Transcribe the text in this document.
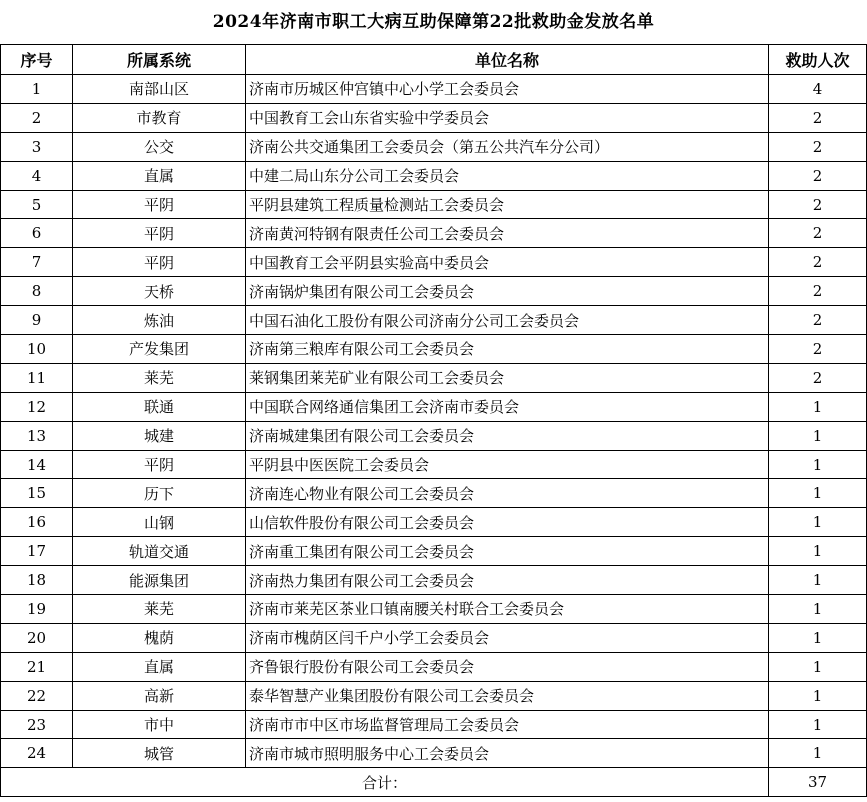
2024年济南市职工大病互助保障第22批救助金发放名单
序号	所属系统	单位名称	救助人次
1	南部山区	济南市历城区仲宫镇中心小学工会委员会	4
2	市教育	中国教育工会山东省实验中学委员会	2
3	公交	济南公共交通集团工会委员会（第五公共汽车分公司）	2
4	直属	中建二局山东分公司工会委员会	2
5	平阴	平阴县建筑工程质量检测站工会委员会	2
6	平阴	济南黄河特钢有限责任公司工会委员会	2
7	平阴	中国教育工会平阴县实验高中委员会	2
8	天桥	济南锅炉集团有限公司工会委员会	2
9	炼油	中国石油化工股份有限公司济南分公司工会委员会	2
10	产发集团	济南第三粮库有限公司工会委员会	2
11	莱芜	莱钢集团莱芜矿业有限公司工会委员会	2
12	联通	中国联合网络通信集团工会济南市委员会	1
13	城建	济南城建集团有限公司工会委员会	1
14	平阴	平阴县中医医院工会委员会	1
15	历下	济南连心物业有限公司工会委员会	1
16	山钢	山信软件股份有限公司工会委员会	1
17	轨道交通	济南重工集团有限公司工会委员会	1
18	能源集团	济南热力集团有限公司工会委员会	1
19	莱芜	济南市莱芜区茶业口镇南腰关村联合工会委员会	1
20	槐荫	济南市槐荫区闫千户小学工会委员会	1
21	直属	齐鲁银行股份有限公司工会委员会	1
22	高新	泰华智慧产业集团股份有限公司工会委员会	1
23	市中	济南市市中区市场监督管理局工会委员会	1
24	城管	济南市城市照明服务中心工会委员会	1
合计：			37
